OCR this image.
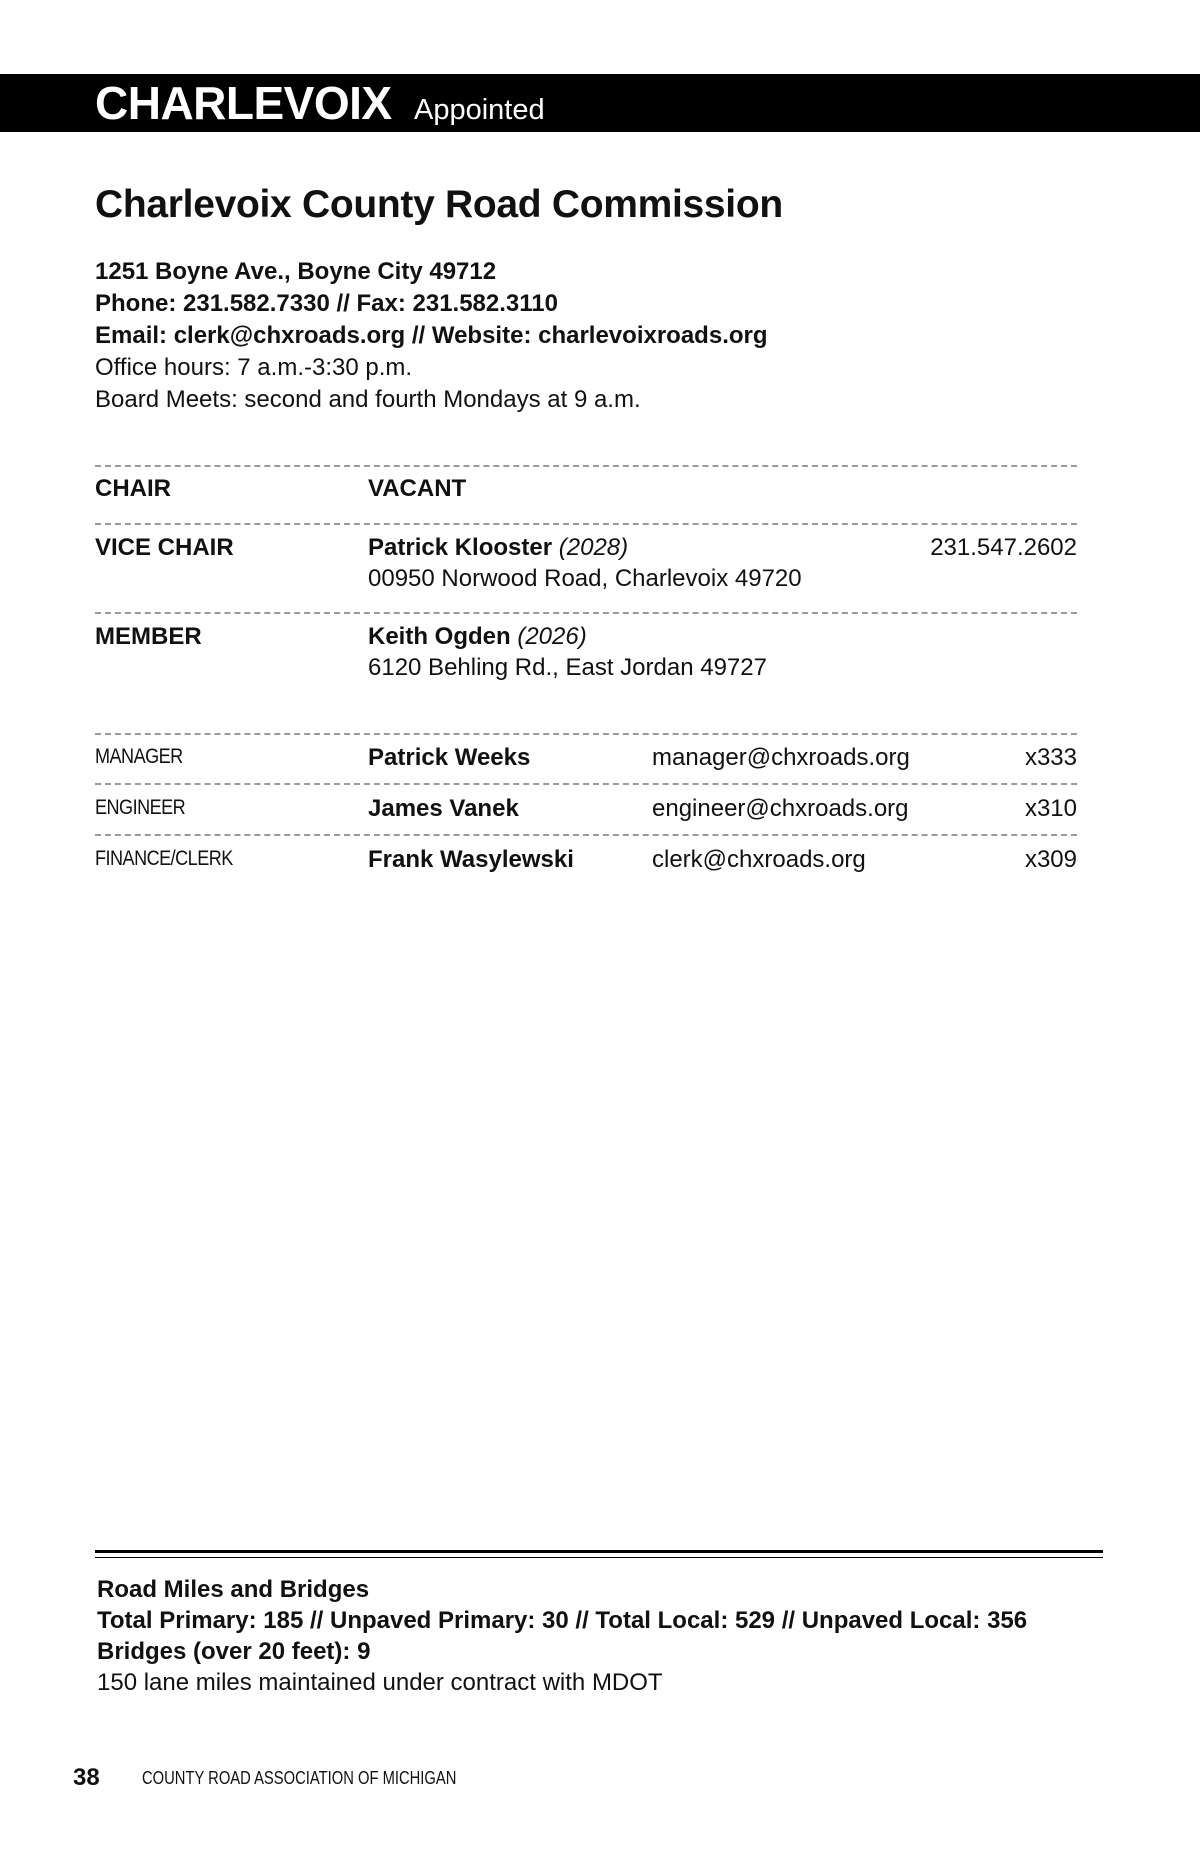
CHARLEVOIX Appointed
Charlevoix County Road Commission
1251 Boyne Ave., Boyne City 49712
Phone: 231.582.7330 // Fax: 231.582.3110
Email: clerk@chxroads.org // Website: charlevoixroads.org
Office hours: 7 a.m.-3:30 p.m.
Board Meets: second and fourth Mondays at 9 a.m.
CHAIR	VACANT
VICE CHAIR	Patrick Klooster (2028)	231.547.2602
00950 Norwood Road, Charlevoix 49720
MEMBER	Keith Ogden (2026)
6120 Behling Rd., East Jordan 49727
MANAGER	Patrick Weeks	manager@chxroads.org	x333
ENGINEER	James Vanek	engineer@chxroads.org	x310
FINANCE/CLERK	Frank Wasylewski	clerk@chxroads.org	x309
Road Miles and Bridges
Total Primary: 185 // Unpaved Primary: 30 // Total Local: 529 // Unpaved Local: 356
Bridges (over 20 feet): 9
150 lane miles maintained under contract with MDOT
38 COUNTY ROAD ASSOCIATION OF MICHIGAN
